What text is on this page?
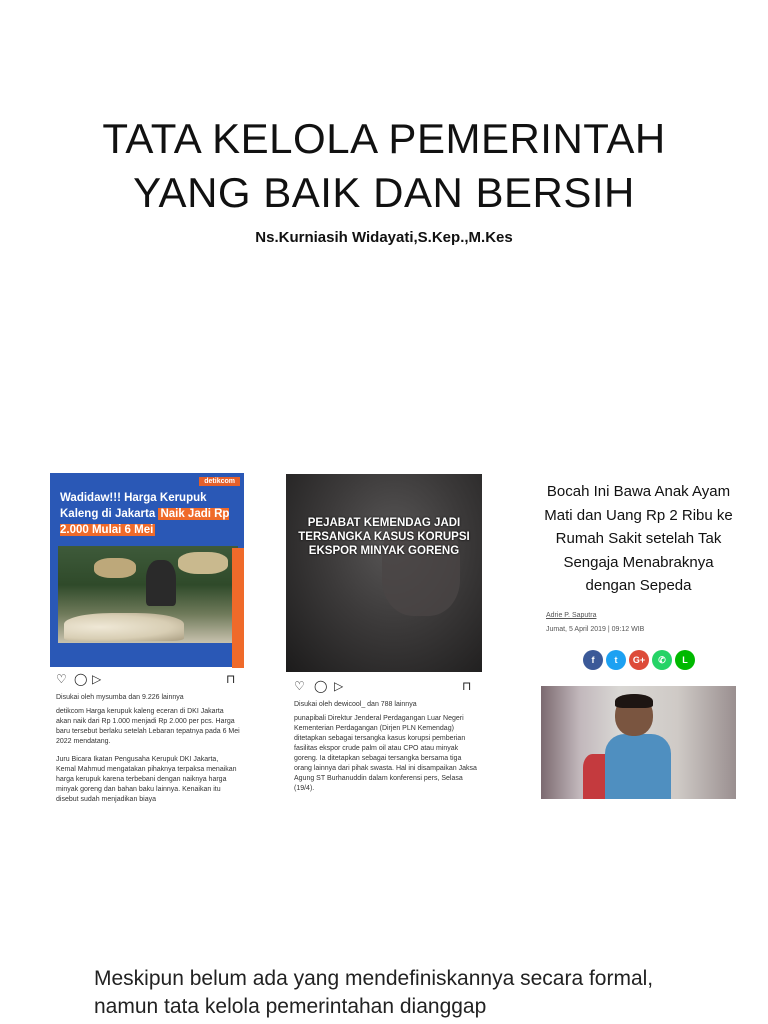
TATA KELOLA PEMERINTAH
YANG BAIK DAN BERSIH
Ns.Kurniasih Widayati,S.Kep.,M.Kes
detikcom
Wadidaw!!! Harga Kerupuk Kaleng di Jakarta Naik Jadi Rp 2.000 Mulai 6 Mei
♡ ◯ ▷	⊓
Disukai oleh mysumba dan 9.226 lainnya

detikcom Harga kerupuk kaleng eceran di DKI Jakarta akan naik dari Rp 1.000 menjadi Rp 2.000 per pcs. Harga baru tersebut berlaku setelah Lebaran tepatnya pada 6 Mei 2022 mendatang.

Juru Bicara Ikatan Pengusaha Kerupuk DKI Jakarta, Kemal Mahmud mengatakan pihaknya terpaksa menaikan harga kerupuk karena terbebani dengan naiknya harga minyak goreng dan bahan baku lainnya. Kenaikan itu disebut sudah menjadikan biaya

PEJABAT KEMENDAG JADI TERSANGKA KASUS KORUPSI EKSPOR MINYAK GORENG
♡ ◯ ▷	⊓
Disukai oleh dewicool_ dan 788 lainnya
punapibali Direktur Jenderal Perdagangan Luar Negeri Kementerian Perdagangan (Dirjen PLN Kemendag) ditetapkan sebagai tersangka kasus korupsi pemberian fasilitas ekspor crude palm oil atau CPO atau minyak goreng. Ia ditetapkan sebagai tersangka bersama tiga orang lainnya dari pihak swasta. Hal ini disampaikan Jaksa Agung ST Burhanuddin dalam konferensi pers, Selasa (19/4).
Bocah Ini Bawa Anak Ayam Mati dan Uang Rp 2 Ribu ke Rumah Sakit setelah Tak Sengaja Menabraknya dengan Sepeda
Adrie P. Saputra
Jumat, 5 April 2019 | 09:12 WIB
f	t	G+	✆	L
Meskipun belum ada yang mendefiniskannya secara formal, namun tata kelola pemerintahan dianggap
